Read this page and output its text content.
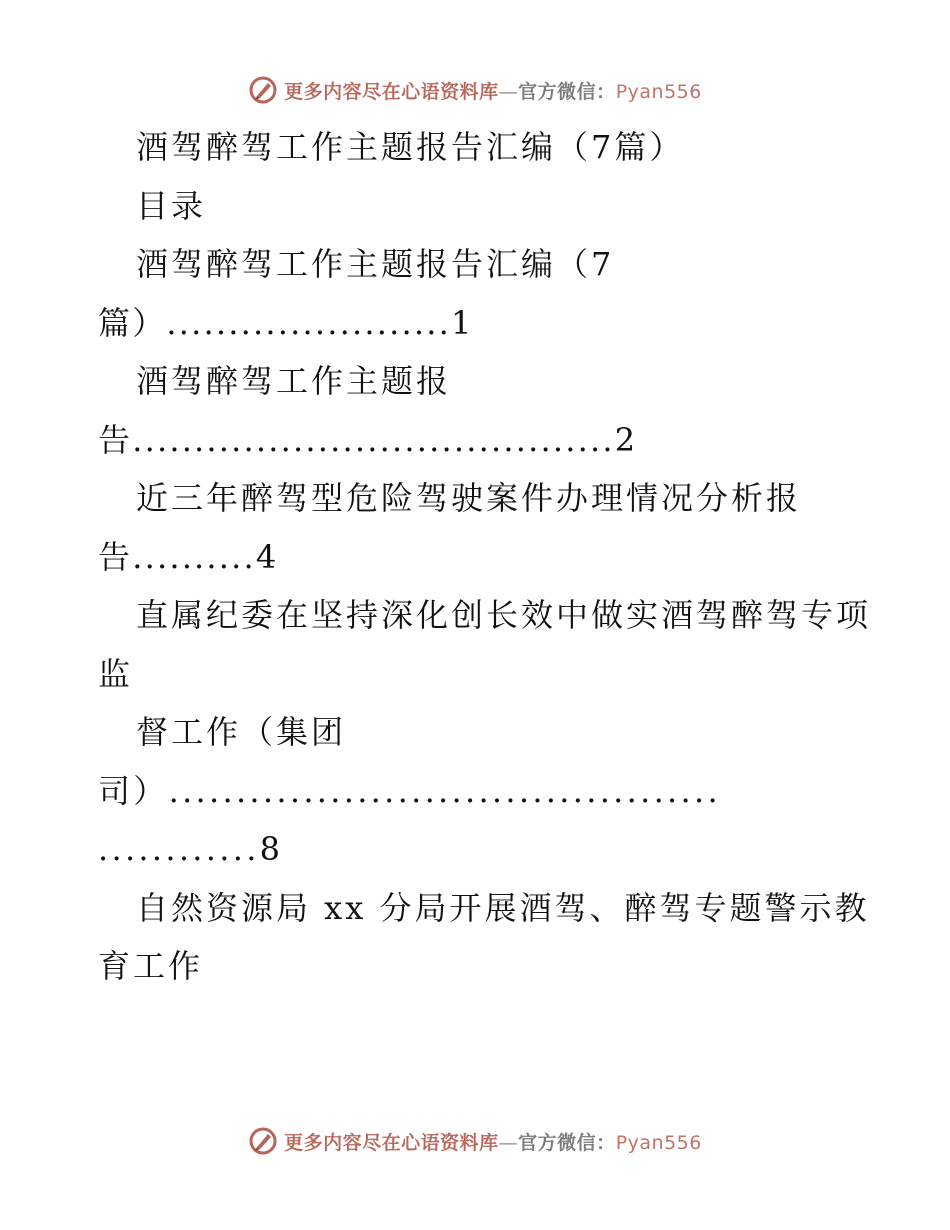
更多内容尽在心语资料库—官方微信：Pyan556
酒驾醉驾工作主题报告汇编（7篇）
目录
酒驾醉驾工作主题报告汇编（7
篇）.......................1
酒驾醉驾工作主题报
告.......................................2
近三年醉驾型危险驾驶案件办理情况分析报
告..........4
直属纪委在坚持深化创长效中做实酒驾醉驾专项
监
督工作（集团
司）.........................................
............8
自然资源局 xx 分局开展酒驾、醉驾专题警示教
育工作
更多内容尽在心语资料库—官方微信：Pyan556
